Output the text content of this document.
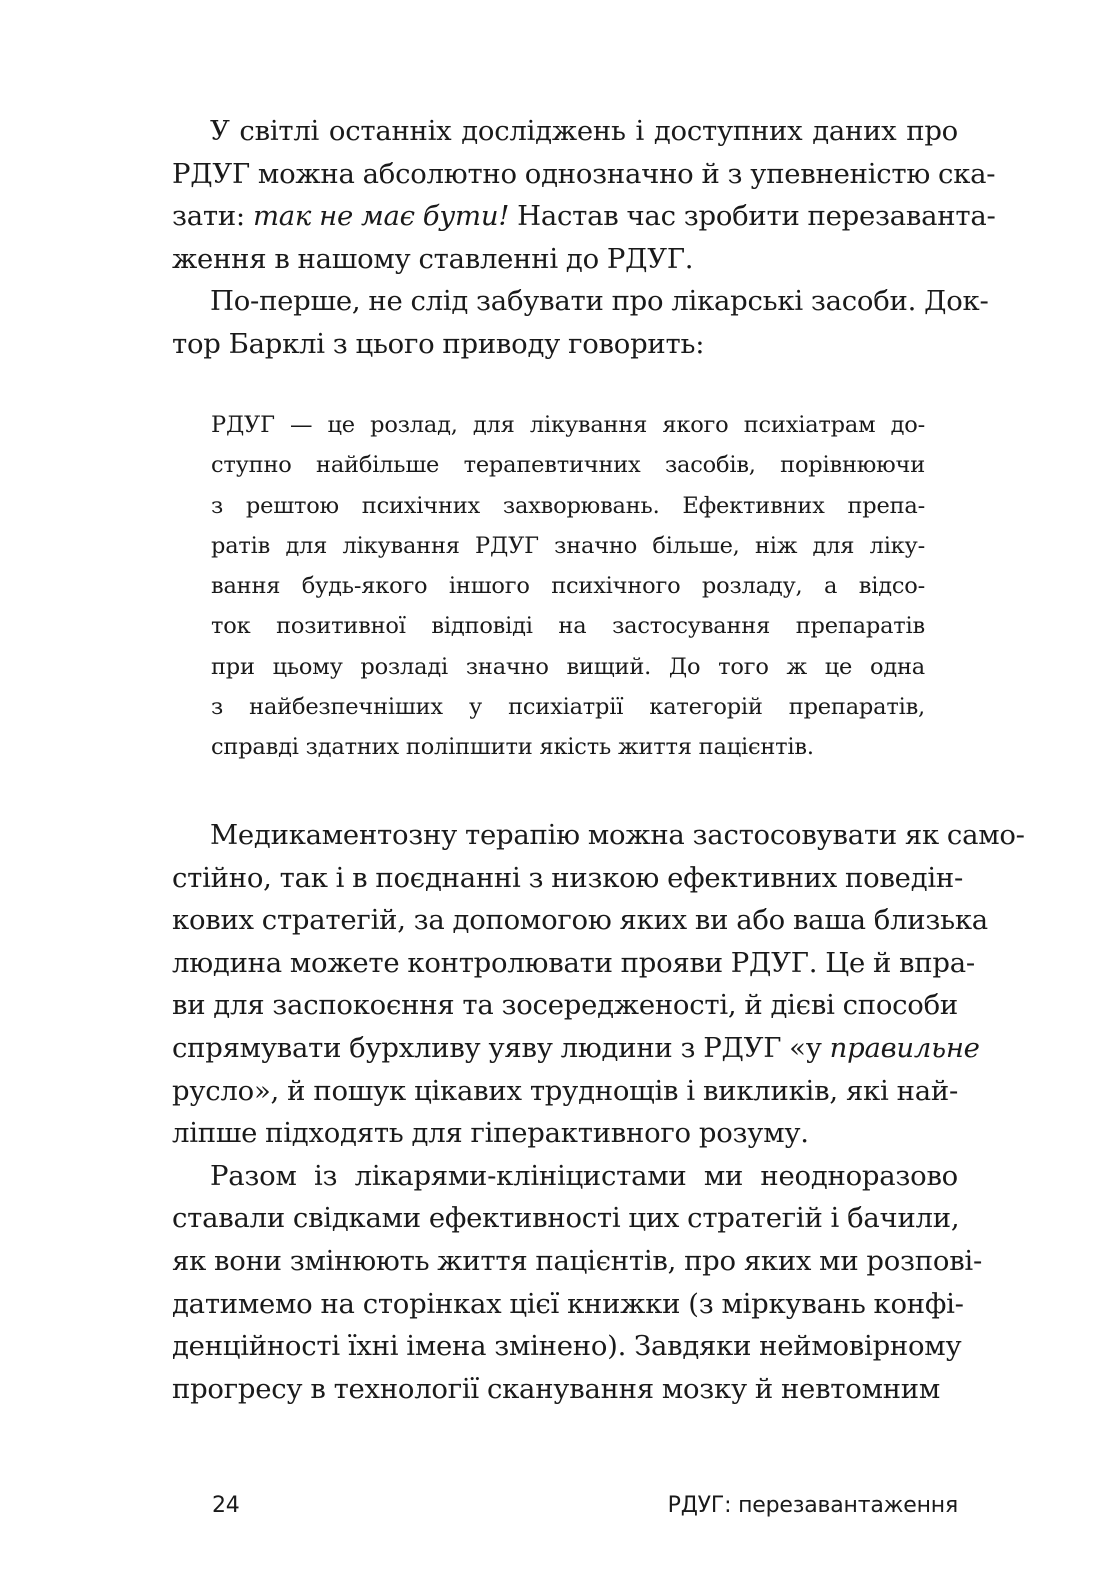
У світлі останніх досліджень і доступних даних про
РДУГ можна абсолютно однозначно й з упевненістю ска-
зати: так не має бути! Настав час зробити перезаванта-
ження в нашому ставленні до РДУГ.
По-перше, не слід забувати про лікарські засоби. Док-
тор Барклі з цього приводу говорить:
РДУГ — це розлад, для лікування якого психіатрам до-
ступно найбільше терапевтичних засобів, порівнюючи
з рештою психічних захворювань. Ефективних препа-
ратів для лікування РДУГ значно більше, ніж для ліку-
вання будь-якого іншого психічного розладу, а відсо-
ток позитивної відповіді на застосування препаратів
при цьому розладі значно вищий. До того ж це одна
з найбезпечніших у психіатрії категорій препаратів,
справді здатних поліпшити якість життя пацієнтів.
Медикаментозну терапію можна застосовувати як само-
стійно, так і в поєднанні з низкою ефективних поведін-
кових стратегій, за допомогою яких ви або ваша близька
людина можете контролювати прояви РДУГ. Це й впра-
ви для заспокоєння та зосередженості, й дієві способи
спрямувати бурхливу уяву людини з РДУГ «у правильне
русло», й пошук цікавих труднощів і викликів, які най-
ліпше підходять для гіперактивного розуму.
Разом із лікарями-клініцистами ми неодноразово
ставали свідками ефективності цих стратегій і бачили,
як вони змінюють життя пацієнтів, про яких ми розпові-
датимемо на сторінках цієї книжки (з міркувань конфі-
денційності їхні імена змінено). Завдяки неймовірному
прогресу в технології сканування мозку й невтомним
24	РДУГ: перезавантаження
